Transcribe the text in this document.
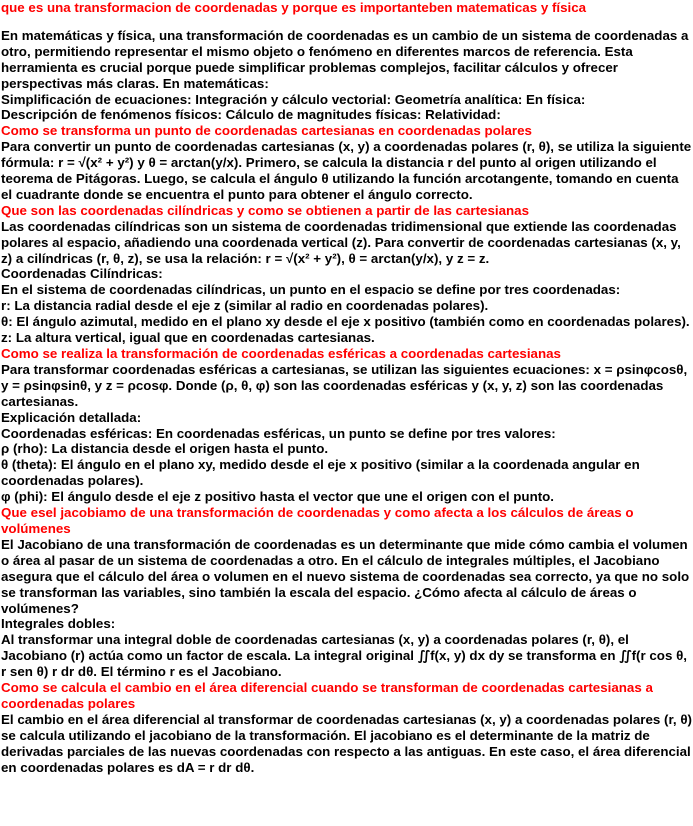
que es una transformacion de coordenadas y porque es importanteben matematicas y física
En matemáticas y física, una transformación de coordenadas es un cambio de un sistema de coordenadas a otro, permitiendo representar el mismo objeto o fenómeno en diferentes marcos de referencia. Esta herramienta es crucial porque puede simplificar problemas complejos, facilitar cálculos y ofrecer perspectivas más claras. En matemáticas:
Simplificación de ecuaciones: Integración y cálculo vectorial: Geometría analítica: En física:
Descripción de fenómenos físicos: Cálculo de magnitudes físicas: Relatividad:
Como se transforma un punto de coordenadas cartesianas en coordenadas polares
Para convertir un punto de coordenadas cartesianas (x, y) a coordenadas polares (r, θ), se utiliza la siguiente fórmula: r = √(x² + y²) y θ = arctan(y/x). Primero, se calcula la distancia r del punto al origen utilizando el teorema de Pitágoras. Luego, se calcula el ángulo θ utilizando la función arcotangente, tomando en cuenta el cuadrante donde se encuentra el punto para obtener el ángulo correcto.
Que son las coordenadas cilíndricas y como se obtienen a partir de las cartesianas
Las coordenadas cilíndricas son un sistema de coordenadas tridimensional que extiende las coordenadas polares al espacio, añadiendo una coordenada vertical (z). Para convertir de coordenadas cartesianas (x, y, z) a cilíndricas (r, θ, z), se usa la relación: r = √(x² + y²), θ = arctan(y/x), y z = z.
Coordenadas Cilíndricas:
En el sistema de coordenadas cilíndricas, un punto en el espacio se define por tres coordenadas:
r: La distancia radial desde el eje z (similar al radio en coordenadas polares).
θ: El ángulo azimutal, medido en el plano xy desde el eje x positivo (también como en coordenadas polares).
z: La altura vertical, igual que en coordenadas cartesianas.
Como se realiza la transformación de coordenadas esféricas a coordenadas cartesianas
Para transformar coordenadas esféricas a cartesianas, se utilizan las siguientes ecuaciones: x = ρsinφcosθ, y = ρsinφsinθ, y z = ρcosφ. Donde (ρ, θ, φ) son las coordenadas esféricas y (x, y, z) son las coordenadas cartesianas.
Explicación detallada:
Coordenadas esféricas: En coordenadas esféricas, un punto se define por tres valores:
ρ (rho): La distancia desde el origen hasta el punto.
θ (theta): El ángulo en el plano xy, medido desde el eje x positivo (similar a la coordenada angular en coordenadas polares).
φ (phi): El ángulo desde el eje z positivo hasta el vector que une el origen con el punto.
Que esel jacobiamo de una transformación de coordenadas y como afecta a los cálculos de áreas o volúmenes
El Jacobiano de una transformación de coordenadas es un determinante que mide cómo cambia el volumen o área al pasar de un sistema de coordenadas a otro. En el cálculo de integrales múltiples, el Jacobiano asegura que el cálculo del área o volumen en el nuevo sistema de coordenadas sea correcto, ya que no solo se transforman las variables, sino también la escala del espacio. ¿Cómo afecta al cálculo de áreas o volúmenes?
Integrales dobles:
Al transformar una integral doble de coordenadas cartesianas (x, y) a coordenadas polares (r, θ), el Jacobiano (r) actúa como un factor de escala. La integral original ∬f(x, y) dx dy se transforma en ∬f(r cos θ, r sen θ) r dr dθ. El término r es el Jacobiano.
Como se calcula el cambio en el área diferencial cuando se transforman de coordenadas cartesianas a coordenadas polares
El cambio en el área diferencial al transformar de coordenadas cartesianas (x, y) a coordenadas polares (r, θ) se calcula utilizando el jacobiano de la transformación. El jacobiano es el determinante de la matriz de derivadas parciales de las nuevas coordenadas con respecto a las antiguas. En este caso, el área diferencial en coordenadas polares es dA = r dr dθ.
